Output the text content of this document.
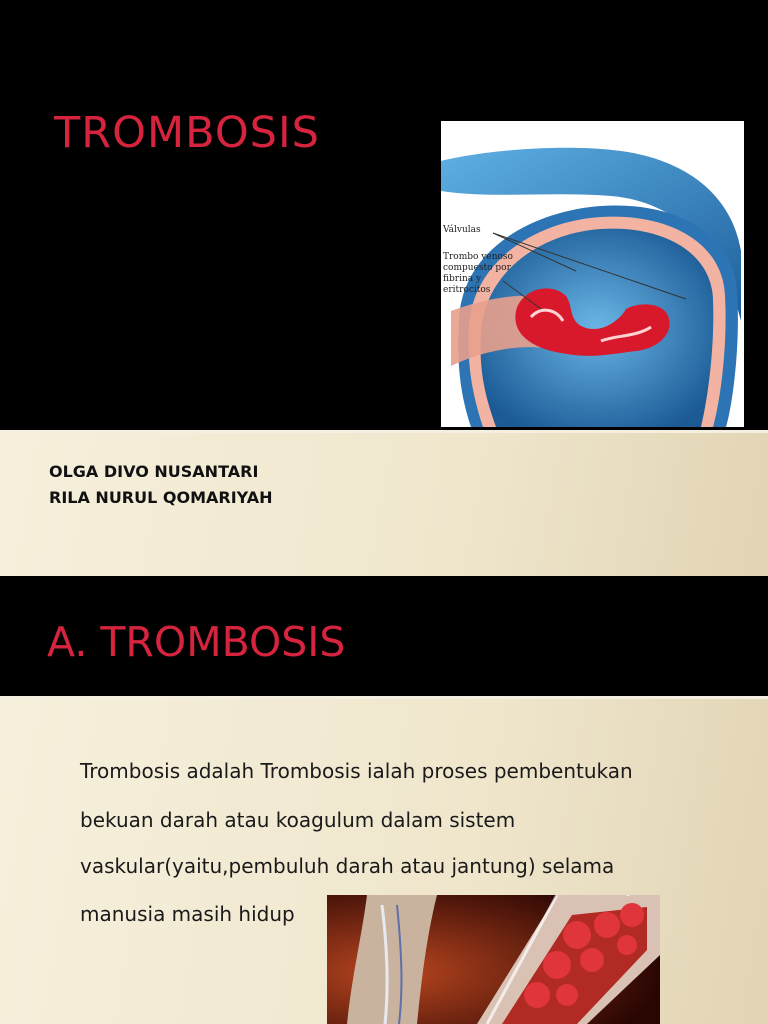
TROMBOSIS
Válvulas
Trombo venoso
compuesto por
fibrina y
eritrocitos

OLGA DIVO NUSANTARI

RILA NURUL QOMARIYAH

A. TROMBOSIS

Trombosis adalah Trombosis ialah proses pembentukan

bekuan darah atau koagulum dalam sistem

vaskular(yaitu,pembuluh darah atau jantung) selama

manusia masih hidup
